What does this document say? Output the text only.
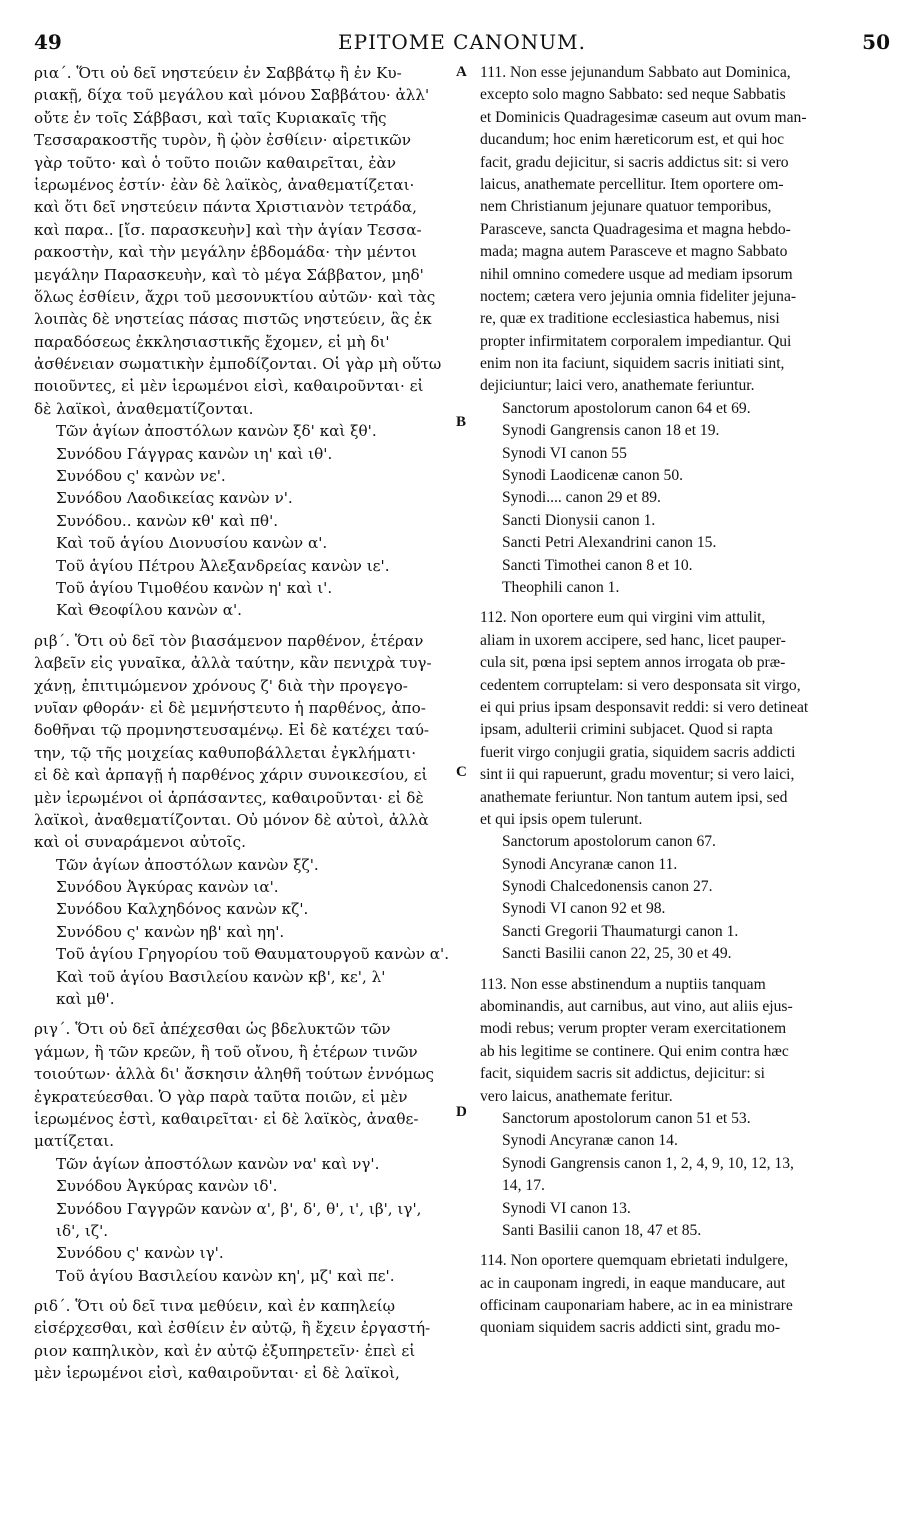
49	EPITOME CANONUM.	50
ρια΄. Ὅτι οὐ δεῖ νηστεύειν ἐν Σαββάτῳ ἢ ἐν Κυ-
ριακῇ, δίχα τοῦ μεγάλου καὶ μόνου Σαββάτου· ἀλλ'
οὔτε ἐν τοῖς Σάββασι, καὶ ταῖς Κυριακαῖς τῆς
Τεσσαρακοστῆς τυρὸν, ἢ ᾠὸν ἐσθίειν· αἱρετικῶν
γὰρ τοῦτο· καὶ ὁ τοῦτο ποιῶν καθαιρεῖται, ἐὰν
ἱερωμένος ἐστίν· ἐὰν δὲ λαϊκὸς, ἀναθεματίζεται·
καὶ ὅτι δεῖ νηστεύειν πάντα Χριστιανὸν τετράδα,
καὶ παρα.. [ἴσ. παρασκευὴν] καὶ τὴν ἁγίαν Τεσσα-
ρακοστὴν, καὶ τὴν μεγάλην ἑβδομάδα· τὴν μέντοι
μεγάλην Παρασκευὴν, καὶ τὸ μέγα Σάββατον, μηδ'
ὅλως ἐσθίειν, ἄχρι τοῦ μεσονυκτίου αὐτῶν· καὶ τὰς
λοιπὰς δὲ νηστείας πάσας πιστῶς νηστεύειν, ἃς ἐκ
παραδόσεως ἐκκλησιαστικῆς ἔχομεν, εἰ μὴ δι'
ἀσθένειαν σωματικὴν ἐμποδίζονται. Οἱ γὰρ μὴ οὕτω
ποιοῦντες, εἰ μὲν ἱερωμένοι εἰσὶ, καθαιροῦνται· εἰ
δὲ λαϊκοὶ, ἀναθεματίζονται.
Τῶν ἁγίων ἀποστόλων κανὼν ξδ' καὶ ξθ'.
Συνόδου Γάγγρας κανὼν ιη' καὶ ιθ'.
Συνόδου ς' κανὼν νε'.
Συνόδου Λαοδικείας κανὼν ν'.
Συνόδου.. κανὼν κθ' καὶ πθ'.
Καὶ τοῦ ἁγίου Διονυσίου κανὼν α'.
Τοῦ ἁγίου Πέτρου Ἀλεξανδρείας κανὼν ιε'.
Τοῦ ἁγίου Τιμοθέου κανὼν η' καὶ ι'.
Καὶ Θεοφίλου κανὼν α'.
ριβ΄. Ὅτι οὐ δεῖ τὸν βιασάμενον παρθένον, ἑτέραν
λαβεῖν εἰς γυναῖκα, ἀλλὰ ταύτην, κἂν πενιχρὰ τυγ-
χάνῃ, ἐπιτιμώμενον χρόνους ζ' διὰ τὴν προγεγο-
νυῖαν φθοράν· εἰ δὲ μεμνήστευτο ἡ παρθένος, ἀπο-
δοθῆναι τῷ προμνηστευσαμένῳ. Εἰ δὲ κατέχει ταύ-
την, τῷ τῆς μοιχείας καθυποβάλλεται ἐγκλήματι·
εἰ δὲ καὶ ἁρπαγῇ ἡ παρθένος χάριν συνοικεσίου, εἰ
μὲν ἱερωμένοι οἱ ἁρπάσαντες, καθαιροῦνται· εἰ δὲ
λαϊκοὶ, ἀναθεματίζονται. Οὐ μόνον δὲ αὐτοὶ, ἀλλὰ
καὶ οἱ συναράμενοι αὐτοῖς.
Τῶν ἁγίων ἀποστόλων κανὼν ξζ'.
Συνόδου Ἀγκύρας κανὼν ια'.
Συνόδου Καλχηδόνος κανὼν κζ'.
Συνόδου ς' κανὼν ηβ' καὶ ηη'.
Τοῦ ἁγίου Γρηγορίου τοῦ Θαυματουργοῦ κανὼν α'.
Καὶ τοῦ ἁγίου Βασιλείου κανὼν κβ', κε', λ'
καὶ μθ'.
ριγ΄. Ὅτι οὐ δεῖ ἀπέχεσθαι ὡς βδελυκτῶν τῶν
γάμων, ἢ τῶν κρεῶν, ἢ τοῦ οἴνου, ἢ ἑτέρων τινῶν
τοιούτων· ἀλλὰ δι' ἄσκησιν ἀληθῆ τούτων ἐννόμως
ἐγκρατεύεσθαι. Ὁ γὰρ παρὰ ταῦτα ποιῶν, εἰ μὲν
ἱερωμένος ἐστὶ, καθαιρεῖται· εἰ δὲ λαϊκὸς, ἀναθε-
ματίζεται.
Τῶν ἁγίων ἀποστόλων κανὼν να' καὶ νγ'.
Συνόδου Ἀγκύρας κανὼν ιδ'.
Συνόδου Γαγγρῶν κανὼν α', β', δ', θ', ι', ιβ', ιγ',
ιδ', ιζ'.
Συνόδου ς' κανὼν ιγ'.
Τοῦ ἁγίου Βασιλείου κανὼν κη', μζ' καὶ πε'.
ριδ΄. Ὅτι οὐ δεῖ τινα μεθύειν, καὶ ἐν καπηλείῳ
εἰσέρχεσθαι, καὶ ἐσθίειν ἐν αὐτῷ, ἢ ἔχειν ἐργαστή-
ριον καπηλικὸν, καὶ ἐν αὐτῷ ἐξυπηρετεῖν· ἐπεὶ εἰ
μὲν ἱερωμένοι εἰσὶ, καθαιροῦνται· εἰ δὲ λαϊκοὶ,
111. Non esse jejunandum Sabbato aut Dominica,
excepto solo magno Sabbato: sed neque Sabbatis
et Dominicis Quadragesimæ caseum aut ovum man-
ducandum; hoc enim hæreticorum est, et qui hoc
facit, gradu dejicitur, si sacris addictus sit: si vero
laicus, anathemate percellitur. Item oportere om-
nem Christianum jejunare quatuor temporibus,
Parasceve, sancta Quadragesima et magna hebdo-
mada; magna autem Parasceve et magno Sabbato
nihil omnino comedere usque ad mediam ipsorum
noctem; cætera vero jejunia omnia fideliter jejuna-
re, quæ ex traditione ecclesiastica habemus, nisi
propter infirmitatem corporalem impediantur. Qui
enim non ita faciunt, siquidem sacris initiati sint,
dejiciuntur; laici vero, anathemate feriuntur.
Sanctorum apostolorum canon 64 et 69.
Synodi Gangrensis canon 18 et 19.
Synodi VI canon 55
Synodi Laodicenæ canon 50.
Synodi.... canon 29 et 89.
Sancti Dionysii canon 1.
Sancti Petri Alexandrini canon 15.
Sancti Timothei canon 8 et 10.
Theophili canon 1.
112. Non oportere eum qui virgini vim attulit,
aliam in uxorem accipere, sed hanc, licet pauper-
cula sit, pœna ipsi septem annos irrogata ob præ-
cedentem corruptelam: si vero desponsata sit virgo,
ei qui prius ipsam desponsavit reddi: si vero detineat
ipsam, adulterii crimini subjacet. Quod si rapta
fuerit virgo conjugii gratia, siquidem sacris addicti
sint ii qui rapuerunt, gradu moventur; si vero laici,
anathemate feriuntur. Non tantum autem ipsi, sed
et qui ipsis opem tulerunt.
Sanctorum apostolorum canon 67.
Synodi Ancyranæ canon 11.
Synodi Chalcedonensis canon 27.
Synodi VI canon 92 et 98.
Sancti Gregorii Thaumaturgi canon 1.
Sancti Basilii canon 22, 25, 30 et 49.
113. Non esse abstinendum a nuptiis tanquam
abominandis, aut carnibus, aut vino, aut aliis ejus-
modi rebus; verum propter veram exercitationem
ab his legitime se continere. Qui enim contra hæc
facit, siquidem sacris sit addictus, dejicitur: si
vero laicus, anathemate feritur.
Sanctorum apostolorum canon 51 et 53.
Synodi Ancyranæ canon 14.
Synodi Gangrensis canon 1, 2, 4, 9, 10, 12, 13,
14, 17.
Synodi VI canon 13.
Santi Basilii canon 18, 47 et 85.
114. Non oportere quemquam ebrietati indulgere,
ac in cauponam ingredi, in eaque manducare, aut
officinam cauponariam habere, ac in ea ministrare
quoniam siquidem sacris addicti sint, gradu mo-
A
B
C
D
